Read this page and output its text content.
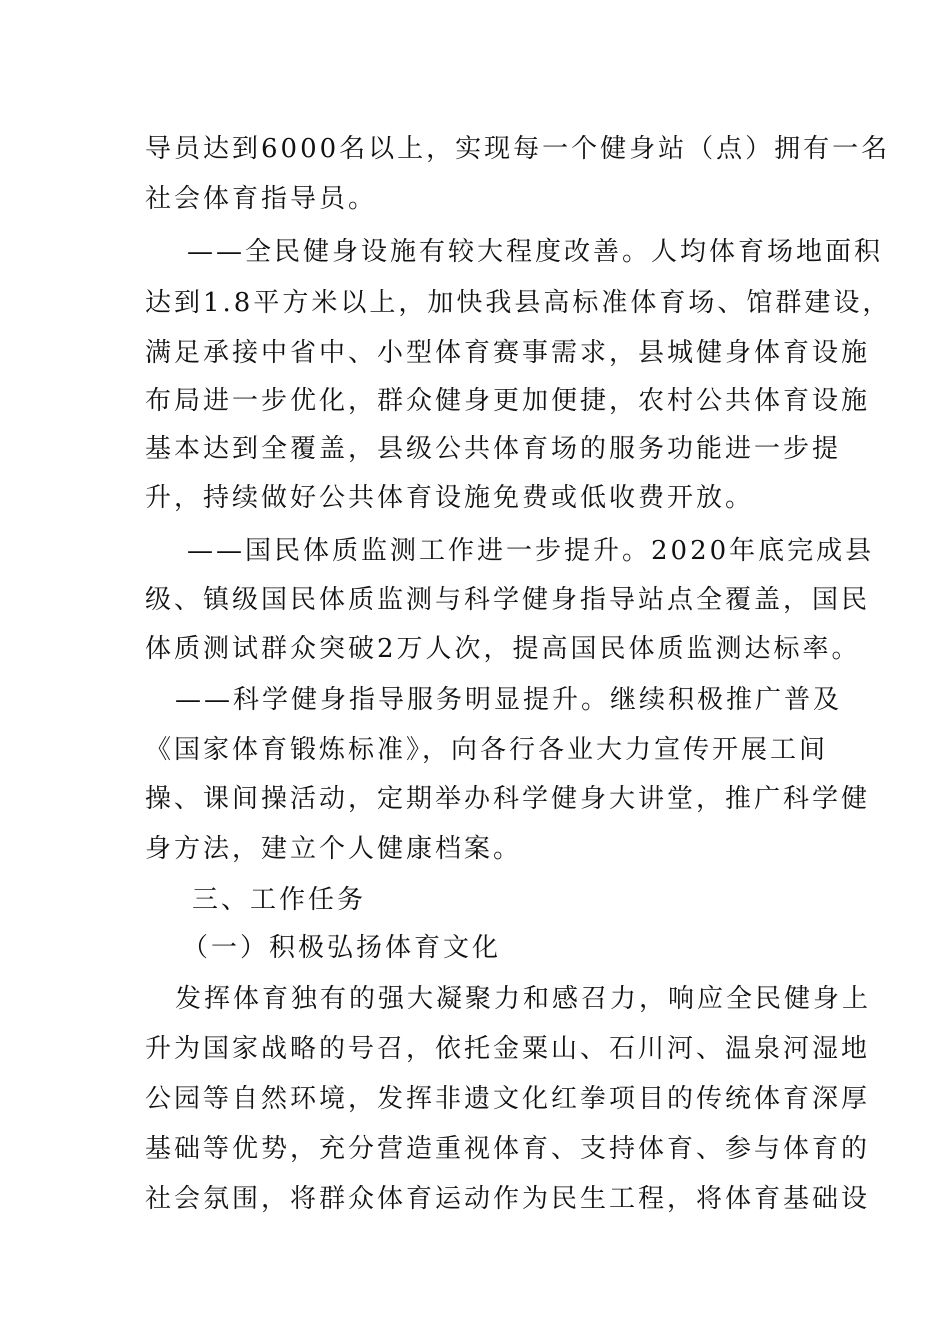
导员达到6000名以上，实现每一个健身站（点）拥有一名
社会体育指导员。
——全民健身设施有较大程度改善。人均体育场地面积
达到1.8平方米以上，加快我县高标准体育场、馆群建设，
满足承接中省中、小型体育赛事需求，县城健身体育设施
布局进一步优化，群众健身更加便捷，农村公共体育设施
基本达到全覆盖，县级公共体育场的服务功能进一步提
升，持续做好公共体育设施免费或低收费开放。
——国民体质监测工作进一步提升。2020年底完成县
级、镇级国民体质监测与科学健身指导站点全覆盖，国民
体质测试群众突破2万人次，提高国民体质监测达标率。
——科学健身指导服务明显提升。继续积极推广普及
《国家体育锻炼标准》，向各行各业大力宣传开展工间
操、课间操活动，定期举办科学健身大讲堂，推广科学健
身方法，建立个人健康档案。
三、工作任务
（一）积极弘扬体育文化
发挥体育独有的强大凝聚力和感召力，响应全民健身上
升为国家战略的号召，依托金粟山、石川河、温泉河湿地
公园等自然环境，发挥非遗文化红拳项目的传统体育深厚
基础等优势，充分营造重视体育、支持体育、参与体育的
社会氛围，将群众体育运动作为民生工程，将体育基础设
